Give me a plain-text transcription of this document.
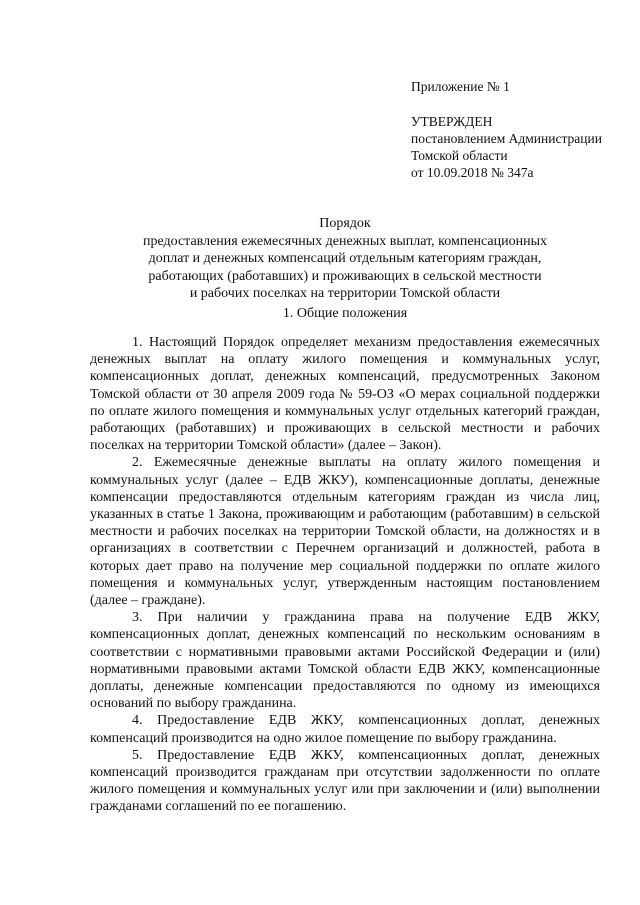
Приложение № 1
УТВЕРЖДЕН
постановлением Администрации
Томской области
от 10.09.2018 № 347а
Порядок
предоставления ежемесячных денежных выплат, компенсационных
доплат и денежных компенсаций отдельным категориям граждан,
работающих (работавших) и проживающих в сельской местности
и рабочих поселках на территории Томской области
1. Общие положения

1. Настоящий Порядок определяет механизм предоставления ежемесячных денежных выплат на оплату жилого помещения и коммунальных услуг, компенсационных доплат, денежных компенсаций, предусмотренных Законом Томской области от 30 апреля 2009 года № 59-ОЗ «О мерах социальной поддержки по оплате жилого помещения и коммунальных услуг отдельных категорий граждан, работающих (работавших) и проживающих в сельской местности и рабочих поселках на территории Томской области» (далее – Закон).

2. Ежемесячные денежные выплаты на оплату жилого помещения и коммунальных услуг (далее – ЕДВ ЖКУ), компенсационные доплаты, денежные компенсации предоставляются отдельным категориям граждан из числа лиц, указанных в статье 1 Закона, проживающим и работающим (работавшим) в сельской местности и рабочих поселках на территории Томской области, на должностях и в организациях в соответствии с Перечнем организаций и должностей, работа в которых дает право на получение мер социальной поддержки по оплате жилого помещения и коммунальных услуг, утвержденным настоящим постановлением (далее – граждане).

3. При наличии у гражданина права на получение ЕДВ ЖКУ, компенсационных доплат, денежных компенсаций по нескольким основаниям в соответствии с нормативными правовыми актами Российской Федерации и (или) нормативными правовыми актами Томской области ЕДВ ЖКУ, компенсационные доплаты, денежные компенсации предоставляются по одному из имеющихся оснований по выбору гражданина.

4. Предоставление ЕДВ ЖКУ, компенсационных доплат, денежных компенсаций производится на одно жилое помещение по выбору гражданина.

5. Предоставление ЕДВ ЖКУ, компенсационных доплат, денежных компенсаций производится гражданам при отсутствии задолженности по оплате жилого помещения и коммунальных услуг или при заключении и (или) выполнении гражданами соглашений по ее погашению.
